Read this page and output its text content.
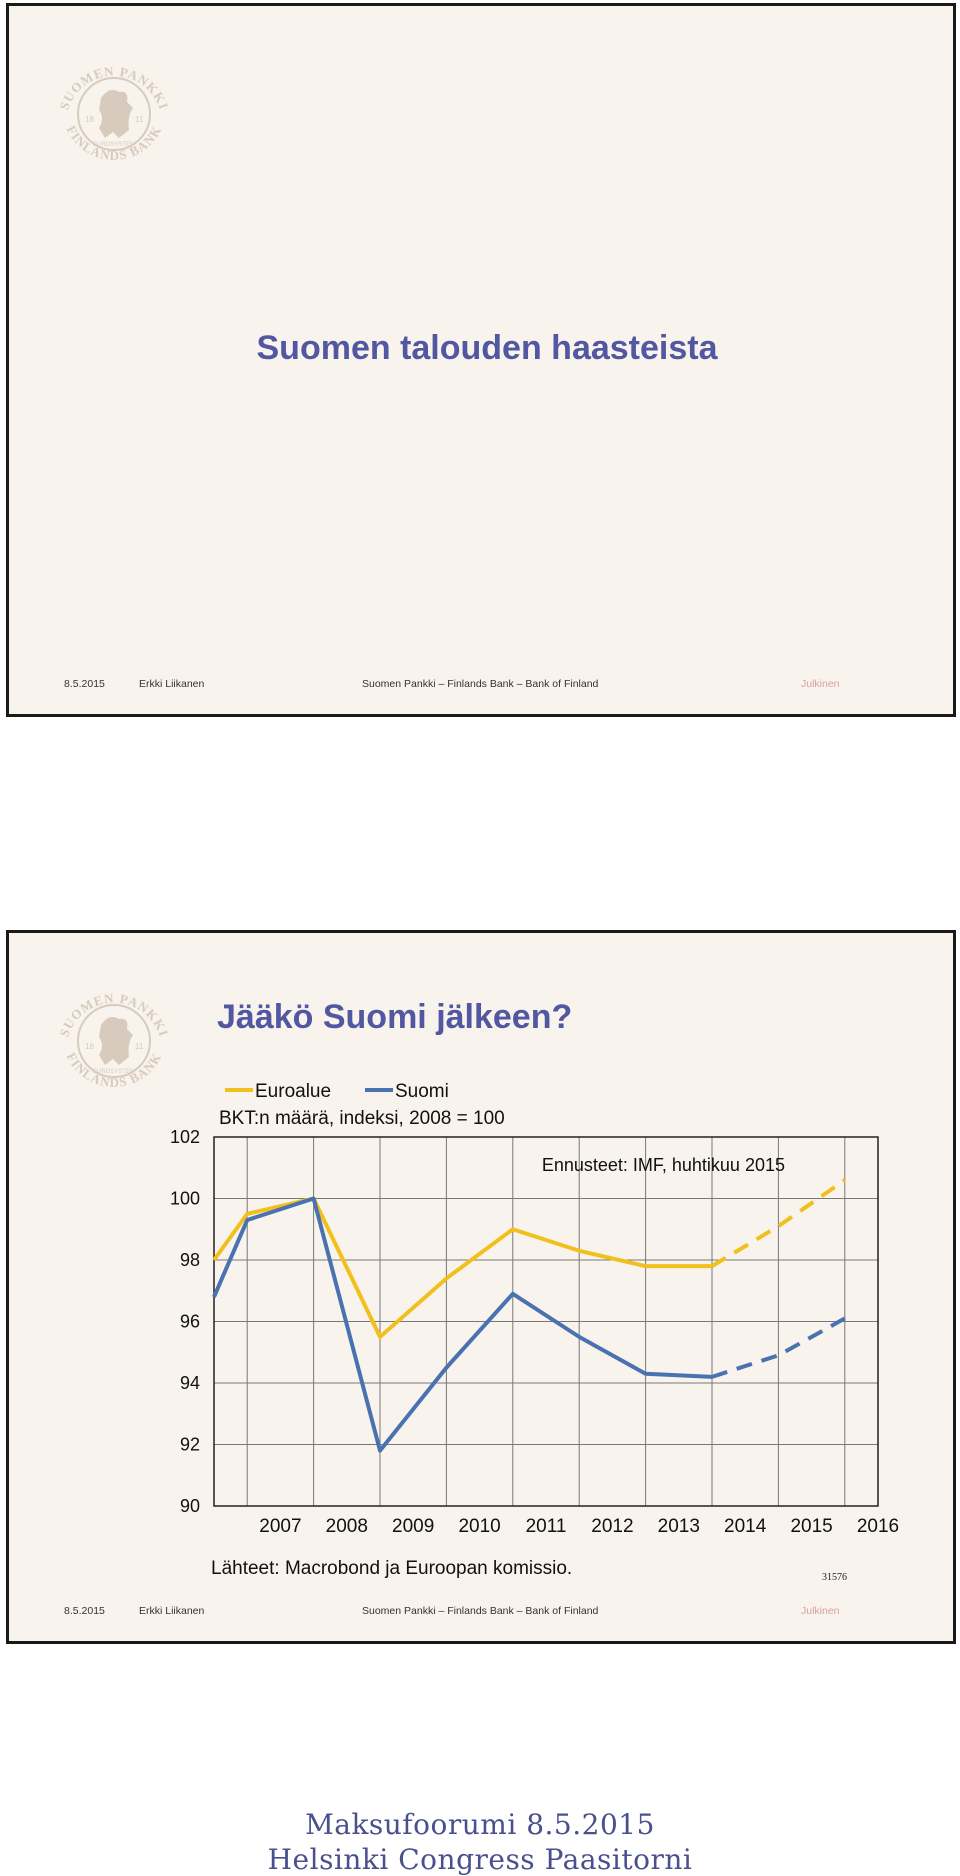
SUOMEN PANKKI
FINLANDS BANK
18	11
EUROSYSTEM
Suomen talouden haasteista
8.5.2015	Erkki Liikanen	Suomen Pankki – Finlands Bank – Bank of Finland	Julkinen
SUOMEN PANKKI
FINLANDS BANK
18	11
EUROSYSTEM
Jääkö Suomi jälkeen?
90
92
94
96
98
100
102
2007 2008 2009 2010 2011 2012 2013 2014 2015 2016
Euroalue	Suomi
BKT:n määrä, indeksi, 2008 = 100
Ennusteet: IMF, huhtikuu 2015
Lähteet: Macrobond ja Euroopan komissio.	31576
8.5.2015	Erkki Liikanen	Suomen Pankki – Finlands Bank – Bank of Finland	Julkinen
Maksufoorumi 8.5.2015
Helsinki Congress Paasitorni
